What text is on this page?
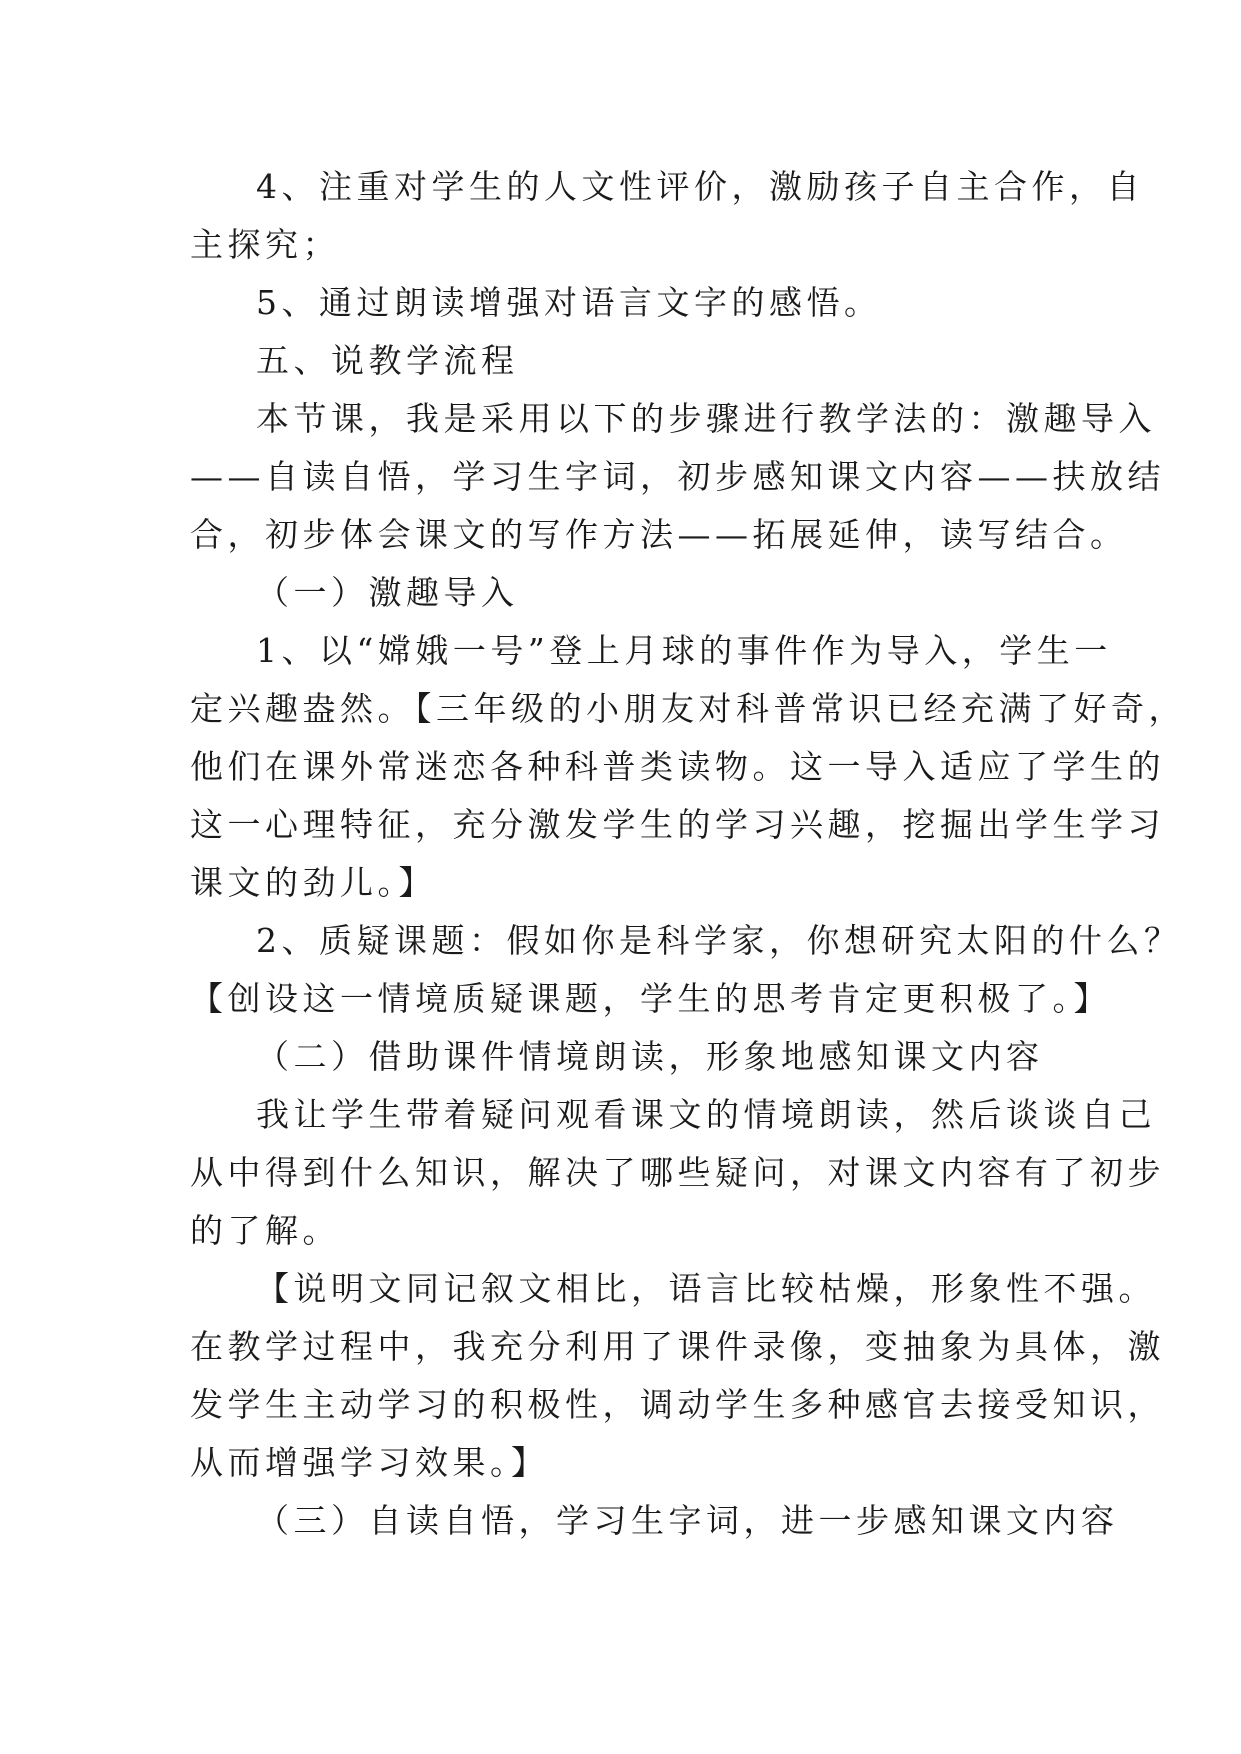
4、注重对学生的人文性评价，激励孩子自主合作，自
主探究；
5、通过朗读增强对语言文字的感悟。
五、说教学流程
本节课，我是采用以下的步骤进行教学法的：激趣导入
——自读自悟，学习生字词，初步感知课文内容——扶放结
合，初步体会课文的写作方法——拓展延伸，读写结合。
（一）激趣导入
1、以“嫦娥一号”登上月球的事件作为导入，学生一
定兴趣盎然。【三年级的小朋友对科普常识已经充满了好奇，
他们在课外常迷恋各种科普类读物。这一导入适应了学生的
这一心理特征，充分激发学生的学习兴趣，挖掘出学生学习
课文的劲儿。】
2、质疑课题：假如你是科学家，你想研究太阳的什么？
【创设这一情境质疑课题，学生的思考肯定更积极了。】
（二）借助课件情境朗读，形象地感知课文内容
我让学生带着疑问观看课文的情境朗读，然后谈谈自己
从中得到什么知识，解决了哪些疑问，对课文内容有了初步
的了解。
【说明文同记叙文相比，语言比较枯燥，形象性不强。
在教学过程中，我充分利用了课件录像，变抽象为具体，激
发学生主动学习的积极性，调动学生多种感官去接受知识，
从而增强学习效果。】
（三）自读自悟，学习生字词，进一步感知课文内容
